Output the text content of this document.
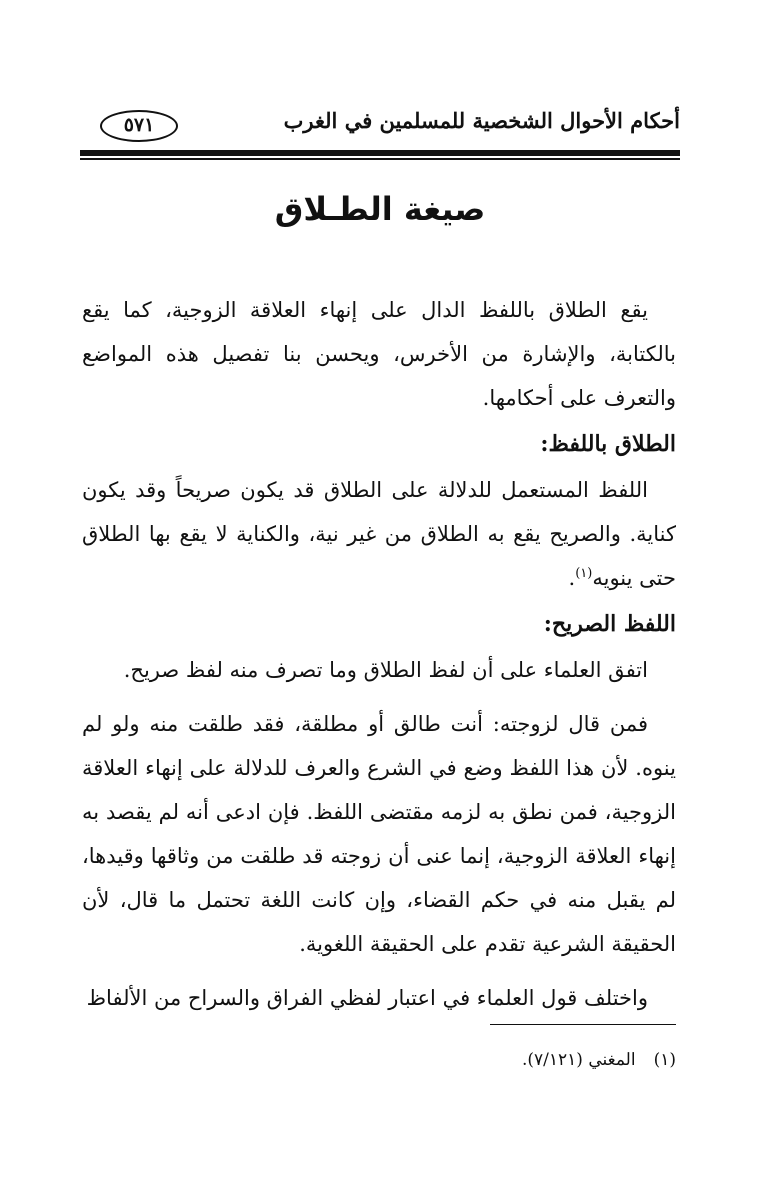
أحكام الأحوال الشخصية للمسلمين في الغرب
٥٧١
صيغة الطـلاق

يقع الطلاق باللفظ الدال على إنهاء العلاقة الزوجية، كما يقع بالكتابة، والإشارة من الأخرس، ويحسن بنا تفصيل هذه المواضع والتعرف على أحكامها.

الطلاق باللفظ:

اللفظ المستعمل للدلالة على الطلاق قد يكون صريحاً وقد يكون كناية. والصريح يقع به الطلاق من غير نية، والكناية لا يقع بها الطلاق حتى ينويه$^{(١)}$.

اللفظ الصريح:

اتفق العلماء على أن لفظ الطلاق وما تصرف منه لفظ صريح.

فمن قال لزوجته: أنت طالق أو مطلقة، فقد طلقت منه ولو لم ينوه. لأن هذا اللفظ وضع في الشرع والعرف للدلالة على إنهاء العلاقة الزوجية، فمن نطق به لزمه مقتضى اللفظ. فإن ادعى أنه لم يقصد به إنهاء العلاقة الزوجية، إنما عنى أن زوجته قد طلقت من وثاقها وقيدها، لم يقبل منه في حكم القضاء، وإن كانت اللغة تحتمل ما قال، لأن الحقيقة الشرعية تقدم على الحقيقة اللغوية.

واختلف قول العلماء في اعتبار لفظي الفراق والسراح من الألفاظ

(١)المغني (٧/١٢١).
